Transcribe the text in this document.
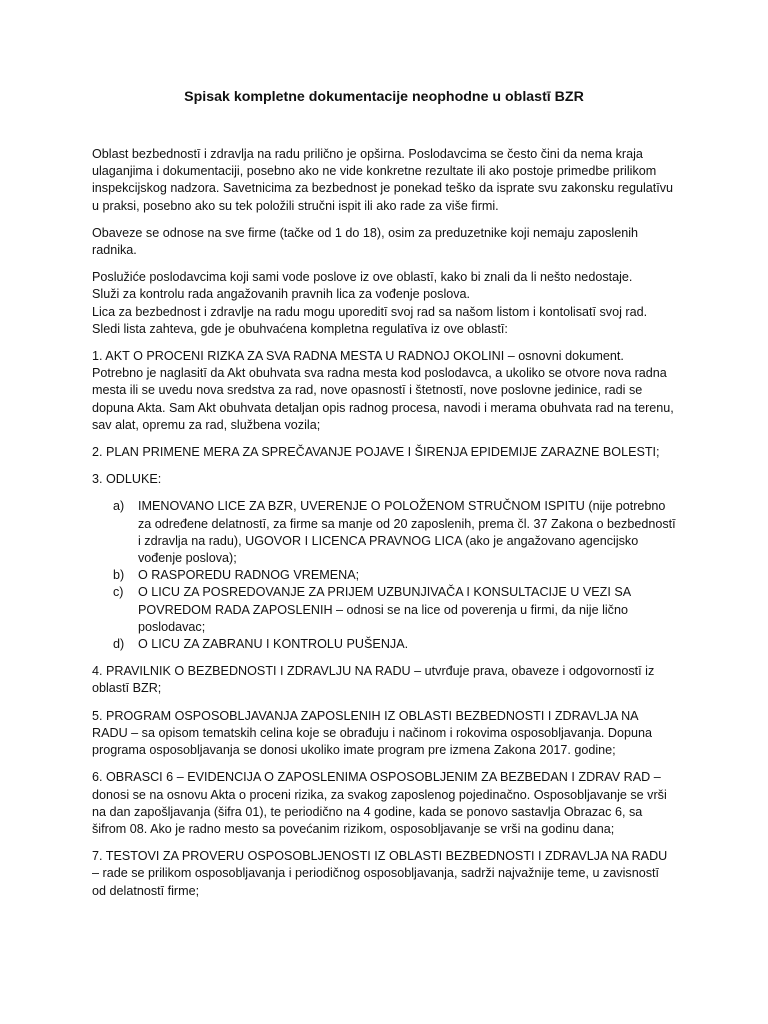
Spisak kompletne dokumentacije neophodne u oblastī BZR

Oblast bezbednostī i zdravlja na radu prilično je opširna. Poslodavcima se često čini da nema kraja ulaganjima i dokumentaciji, posebno ako ne vide konkretne rezultate ili ako postoje primedbe prilikom inspekcijskog nadzora. Savetnicima za bezbednost je ponekad teško da isprate svu zakonsku regulatīvu u praksi, posebno ako su tek položili stručni ispit ili ako rade za više firmi.

Obaveze se odnose na sve firme (tačke od 1 do 18), osim za preduzetnike koji nemaju zaposlenih radnika.

Poslužiće poslodavcima koji sami vode poslove iz ove oblastī, kako bi znali da li nešto nedostaje.
Služi za kontrolu rada angažovanih pravnih lica za vođenje poslova.
Lica za bezbednost i zdravlje na radu mogu uporeditī svoj rad sa našom listom i kontolisatī svoj rad.
Sledi lista zahteva, gde je obuhvaćena kompletna regulatīva iz ove oblastī:

1. AKT O PROCENI RIZKA ZA SVA RADNA MESTA U RADNOJ OKOLINI – osnovni dokument. Potrebno je naglasitī da Akt obuhvata sva radna mesta kod poslodavca, a ukoliko se otvore nova radna mesta ili se uvedu nova sredstva za rad, nove opasnostī i štetnostī, nove poslovne jedinice, radi se dopuna Akta. Sam Akt obuhvata detaljan opis radnog procesa, navodi i merama obuhvata rad na terenu, sav alat, opremu za rad, službena vozila;

2. PLAN PRIMENE MERA ZA SPREČAVANJE POJAVE I ŠIRENJA EPIDEMIJE ZARAZNE BOLESTI;

3. ODLUKE:

a) IMENOVANO LICE ZA BZR, UVERENJE O POLOŽENOM STRUČNOM ISPITU (nije potrebno za određene delatnostī, za firme sa manje od 20 zaposlenih, prema čl. 37 Zakona o bezbednostī i zdravlja na radu), UGOVOR I LICENCA PRAVNOG LICA (ako je angažovano agencijsko vođenje poslova);
b) O RASPOREDU RADNOG VREMENA;
c) O LICU ZA POSREDOVANJE ZA PRIJEM UZBUNJIVAČA I KONSULTACIJE U VEZI SA POVREDOM RADA ZAPOSLENIH – odnosi se na lice od poverenja u firmi, da nije lično poslodavac;
d) O LICU ZA ZABRANU I KONTROLU PUŠENJA.

4. PRAVILNIK O BEZBEDNOSTI I ZDRAVLJU NA RADU – utvrđuje prava, obaveze i odgovornostī iz oblastī BZR;

5. PROGRAM OSPOSOBLJAVANJA ZAPOSLENIH IZ OBLASTI BEZBEDNOSTI I ZDRAVLJA NA RADU – sa opisom tematskih celina koje se obrađuju i načinom i rokovima osposobljavanja. Dopuna programa osposobljavanja se donosi ukoliko imate program pre izmena Zakona 2017. godine;

6. OBRASCI 6 – EVIDENCIJA O ZAPOSLENIMA OSPOSOBLJENIM ZA BEZBEDAN I ZDRAV RAD – donosi se na osnovu Akta o proceni rizika, za svakog zaposlenog pojedinačno. Osposobljavanje se vrši na dan zapošljavanja (šifra 01), te periodično na 4 godine, kada se ponovo sastavlja Obrazac 6, sa šifrom 08. Ako je radno mesto sa povećanim rizikom, osposobljavanje se vrši na godinu dana;

7. TESTOVI ZA PROVERU OSPOSOBLJENOSTI IZ OBLASTI BEZBEDNOSTI I ZDRAVLJA NA RADU – rade se prilikom osposobljavanja i periodičnog osposobljavanja, sadrži najvažnije teme, u zavisnostī od delatnostī firme;
